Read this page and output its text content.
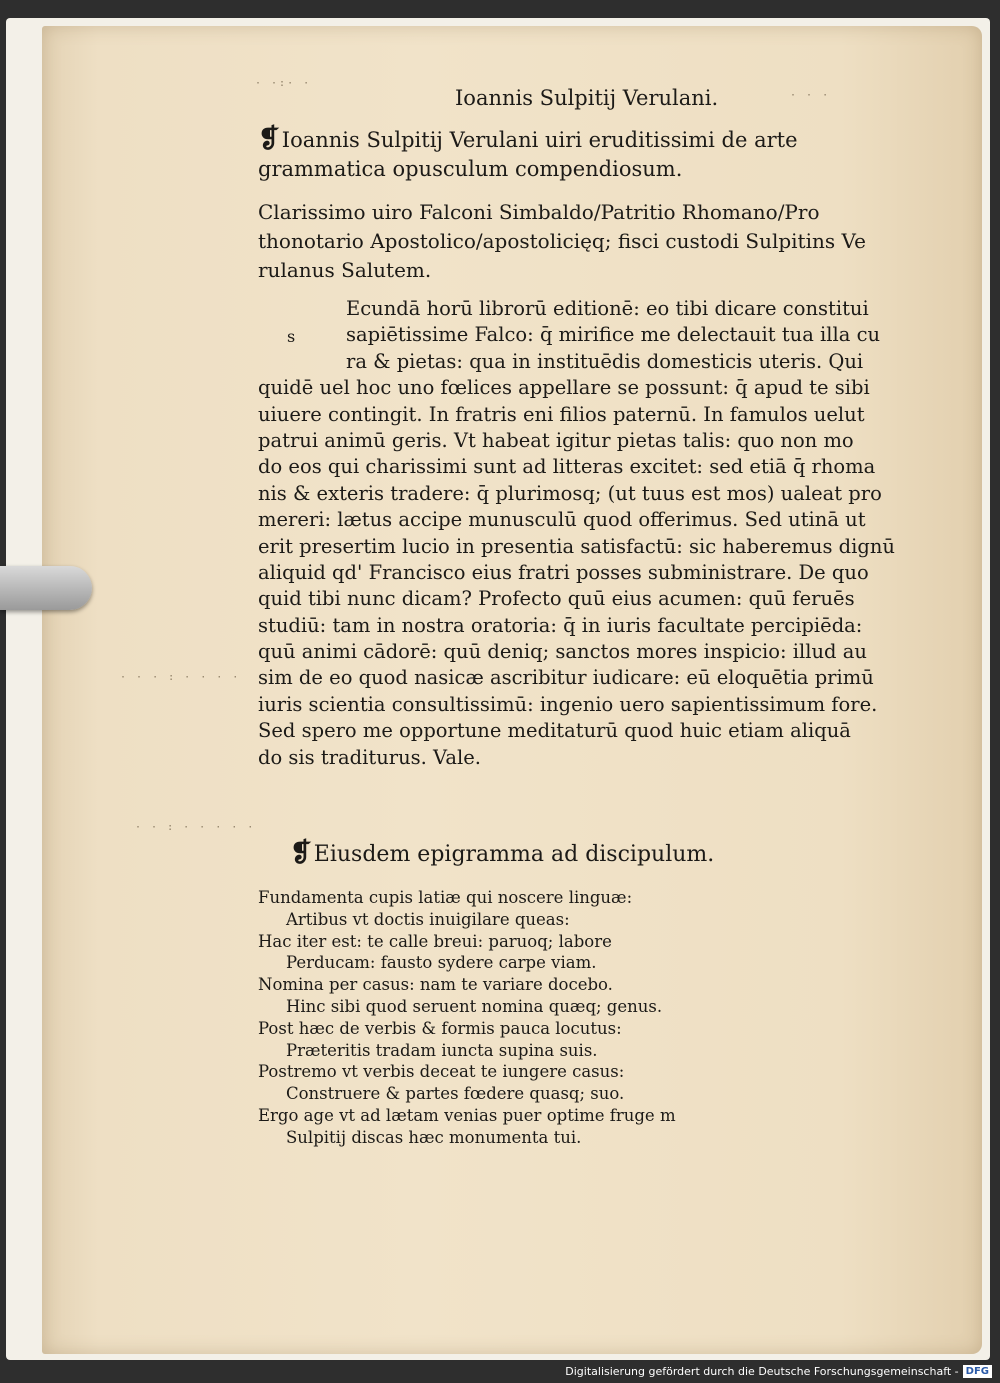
· ·:· ·
· · ·
· · · : · · · ·
· · : · · · · ·
Ioannis Sulpitij Verulani.
❡Ioannis Sulpitij Verulani uiri eruditissimi de arte
grammatica opusculum compendiosum.
Clarissimo uiro Falconi Simbaldo/Patritio Rhomano/Pro
thonotario Apostolico/apostolicięq; fisci custodi Sulpitins Ve
rulanus Salutem.
s
Ecundā horū librorū editionē: eo tibi dicare constitui
sapiētissime Falco: q̄ mirifice me delectauit tua illa cu
ra & pietas: qua in instituēdis domesticis uteris. Qui
quidē uel hoc uno fœlices appellare se possunt: q̄ apud te sibi
uiuere contingit. In fratris eni filios paternū. In famulos uelut
patrui animū geris. Vt habeat igitur pietas talis: quo non mo
do eos qui charissimi sunt ad litteras excitet: sed etiā q̄ rhoma
nis & exteris tradere: q̄ plurimosq; (ut tuus est mos) ualeat pro
mereri: lætus accipe munusculū quod offerimus. Sed utinā ut
erit presertim lucio in presentia satisfactū: sic haberemus dignū
aliquid qd' Francisco eius fratri posses subministrare. De quo
quid tibi nunc dicam? Profecto quū eius acumen: quū feruēs
studiū: tam in nostra oratoria: q̄ in iuris facultate percipiēda:
quū animi cādorē: quū deniq; sanctos mores inspicio: illud au
sim de eo quod nasicæ ascribitur iudicare: eū eloquētia primū
iuris scientia consultissimū: ingenio uero sapientissimum fore.
Sed spero me opportune meditaturū quod huic etiam aliquā
do sis traditurus. Vale.
❡Eiusdem epigramma ad discipulum.
Fundamenta cupis latiæ qui noscere linguæ:
Artibus vt doctis inuigilare queas:
Hac iter est: te calle breui: paruoq; labore
Perducam: fausto sydere carpe viam.
Nomina per casus: nam te variare docebo.
Hinc sibi quod seruent nomina quæq; genus.
Post hæc de verbis & formis pauca locutus:
Præteritis tradam iuncta supina suis.
Postremo vt verbis deceat te iungere casus:
Construere & partes fœdere quasq; suo.
Ergo age vt ad lætam venias puer optime fruge m
Sulpitij discas hæc monumenta tui.
Digitalisierung gefördert durch die Deutsche Forschungsgemeinschaft - DFG
